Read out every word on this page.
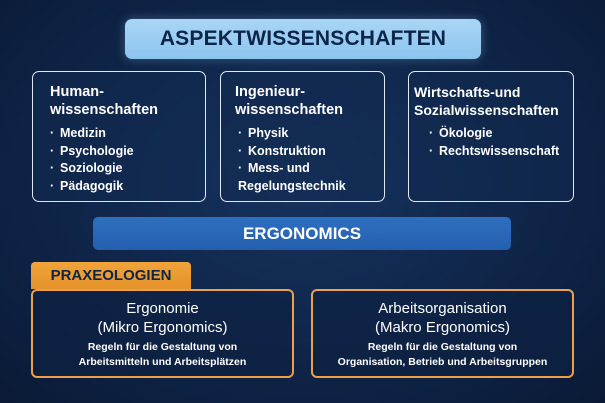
ASPEKTWISSENSCHAFTEN
Human-
wissenschaften
· Medizin
· Psychologie
· Soziologie
· Pädagogik
Ingenieur-
wissenschaften
· Physik
· Konstruktion
· Mess- und
Regelungstechnik
Wirtschafts-und
Sozialwissenschaften
· Ökologie
· Rechtswissenschaft
ERGONOMICS
PRAXEOLOGIEN
Ergonomie
(Mikro Ergonomics)
Regeln für die Gestaltung von
Arbeitsmitteln und Arbeitsplätzen
Arbeitsorganisation
(Makro Ergonomics)
Regeln für die Gestaltung von
Organisation, Betrieb und Arbeitsgruppen
